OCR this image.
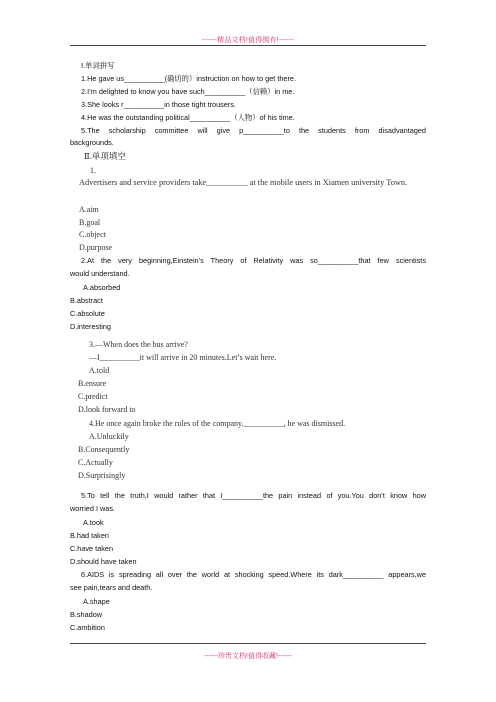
------精品文档!值得拥有!------
Ⅰ.单词拼写
1.He gave us__________(确切的）instruction on how to get there.
2.I’m delighted to know you have such__________（信赖）in me.
3.She looks r__________in those tight trousers.
4.He was the outstanding political__________（人物）of his time.
5.The scholarship committee will give p__________to the students from disadvantaged
backgrounds.
Ⅱ.单项填空
1.
Advertisers and service providers take__________ at the mobile users in Xiamen university Town.
A.aim
B.goal
C.object
D.purpose
2.At the very beginning,Einstein’s Theory of Relativity was so__________that few scientists
would understand.
A.absorbed
B.abstract
C.absolute
D.interesting
3.—When does the bus arrive?
—I__________it will arrive in 20 minutes.Let’s wait here.
A.told
B.ensure
C.predict
D.look forward to
4.He once again broke the rules of the company.__________, he was dismissed.
A.Unluckily
B.Consequently
C.Actually
D.Surprisingly
5.To tell the truth,I would rather that I__________the pain instead of you.You don’t know how
worried I was.
A.took
B.had taken
C.have taken
D.should have taken
6.AIDS is spreading all over the world at shocking speed.Where its dark__________ appears,we
see pain,tears and death.
A.shape
B.shadow
C.ambition
------珍贵文档!值得收藏!------
